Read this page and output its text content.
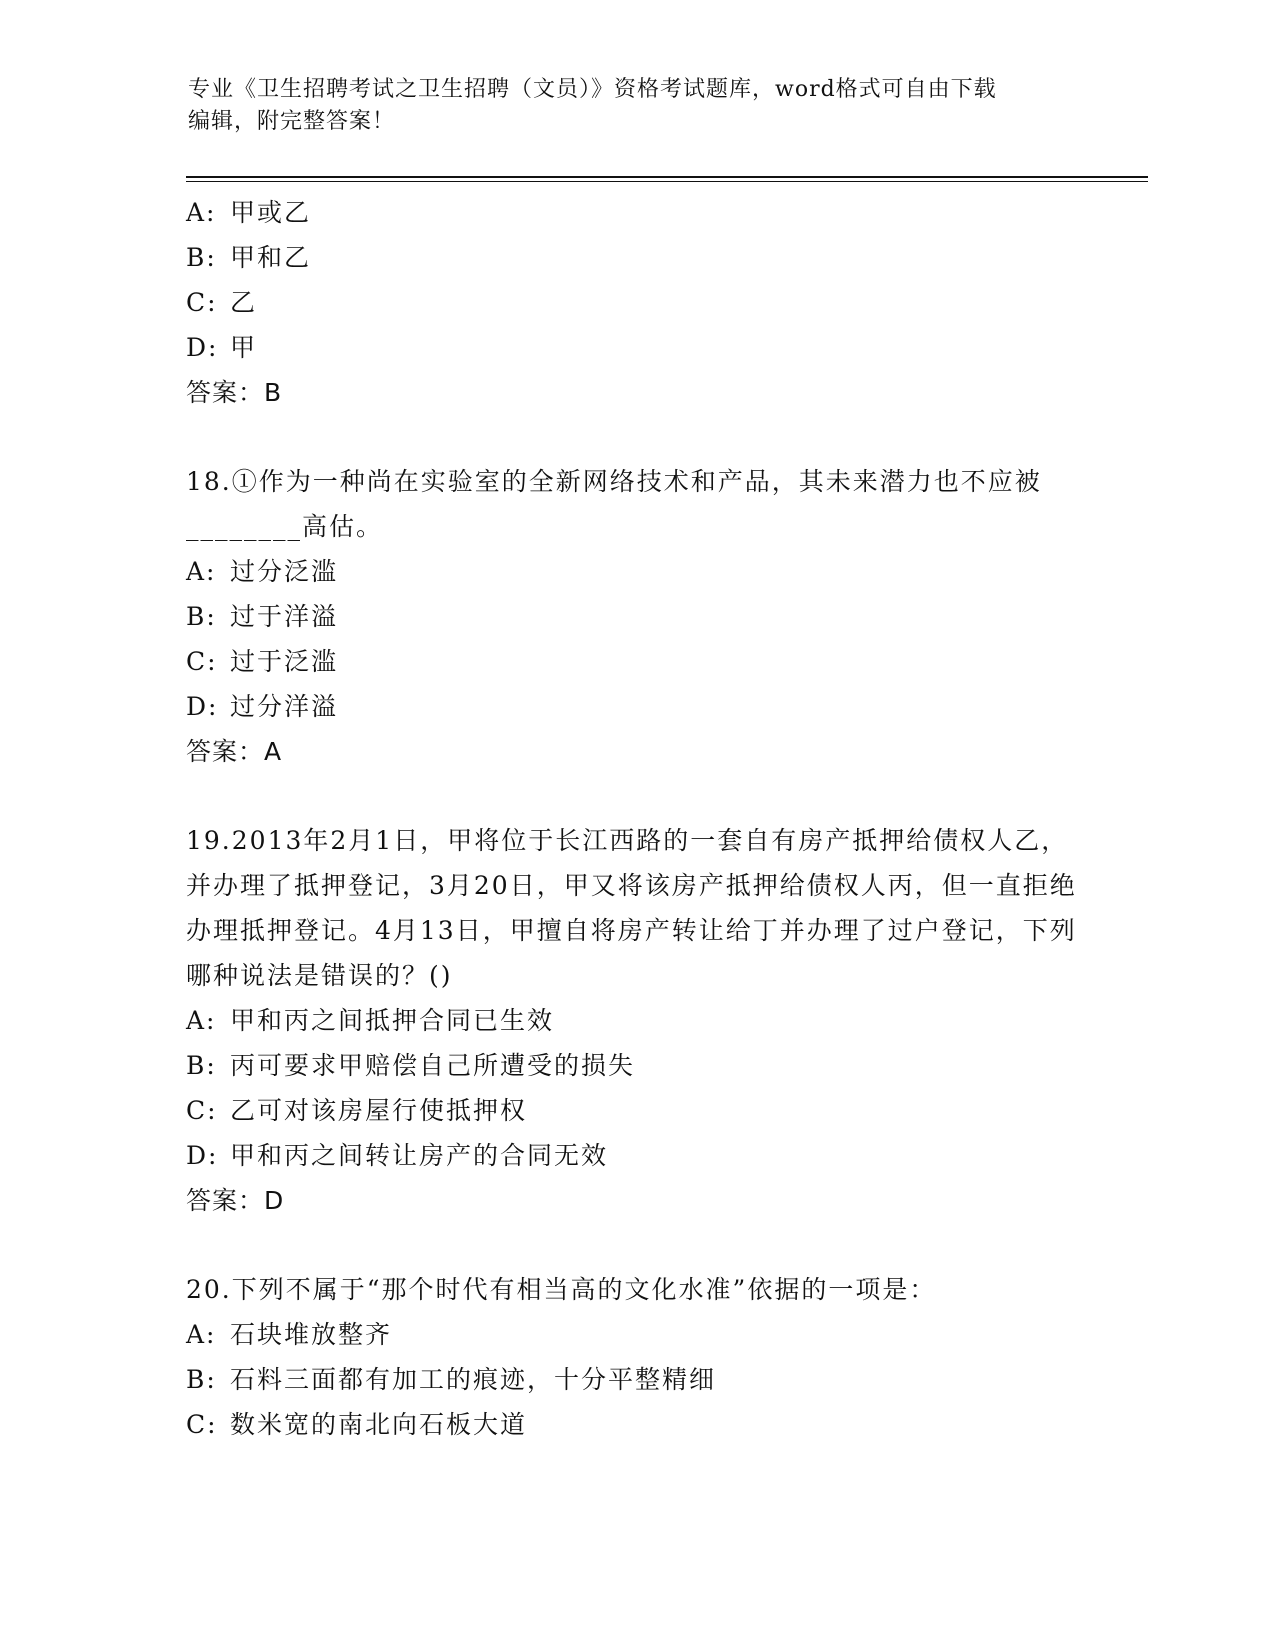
专业《卫生招聘考试之卫生招聘（文员）》资格考试题库，word格式可自由下载
编辑，附完整答案！
A: 甲或乙
B: 甲和乙
C: 乙
D: 甲
答案：B
18.①作为一种尚在实验室的全新网络技术和产品，其未来潜力也不应被________高估。
A: 过分泛滥
B: 过于洋溢
C: 过于泛滥
D: 过分洋溢
答案：A
19.2013年2月1日，甲将位于长江西路的一套自有房产抵押给债权人乙，并办理了抵押登记，3月20日，甲又将该房产抵押给债权人丙，但一直拒绝办理抵押登记。4月13日，甲擅自将房产转让给丁并办理了过户登记，下列哪种说法是错误的？()
A: 甲和丙之间抵押合同已生效
B: 丙可要求甲赔偿自己所遭受的损失
C: 乙可对该房屋行使抵押权
D: 甲和丙之间转让房产的合同无效
答案：D
20.下列不属于“那个时代有相当高的文化水准”依据的一项是：
A: 石块堆放整齐
B: 石料三面都有加工的痕迹，十分平整精细
C: 数米宽的南北向石板大道
